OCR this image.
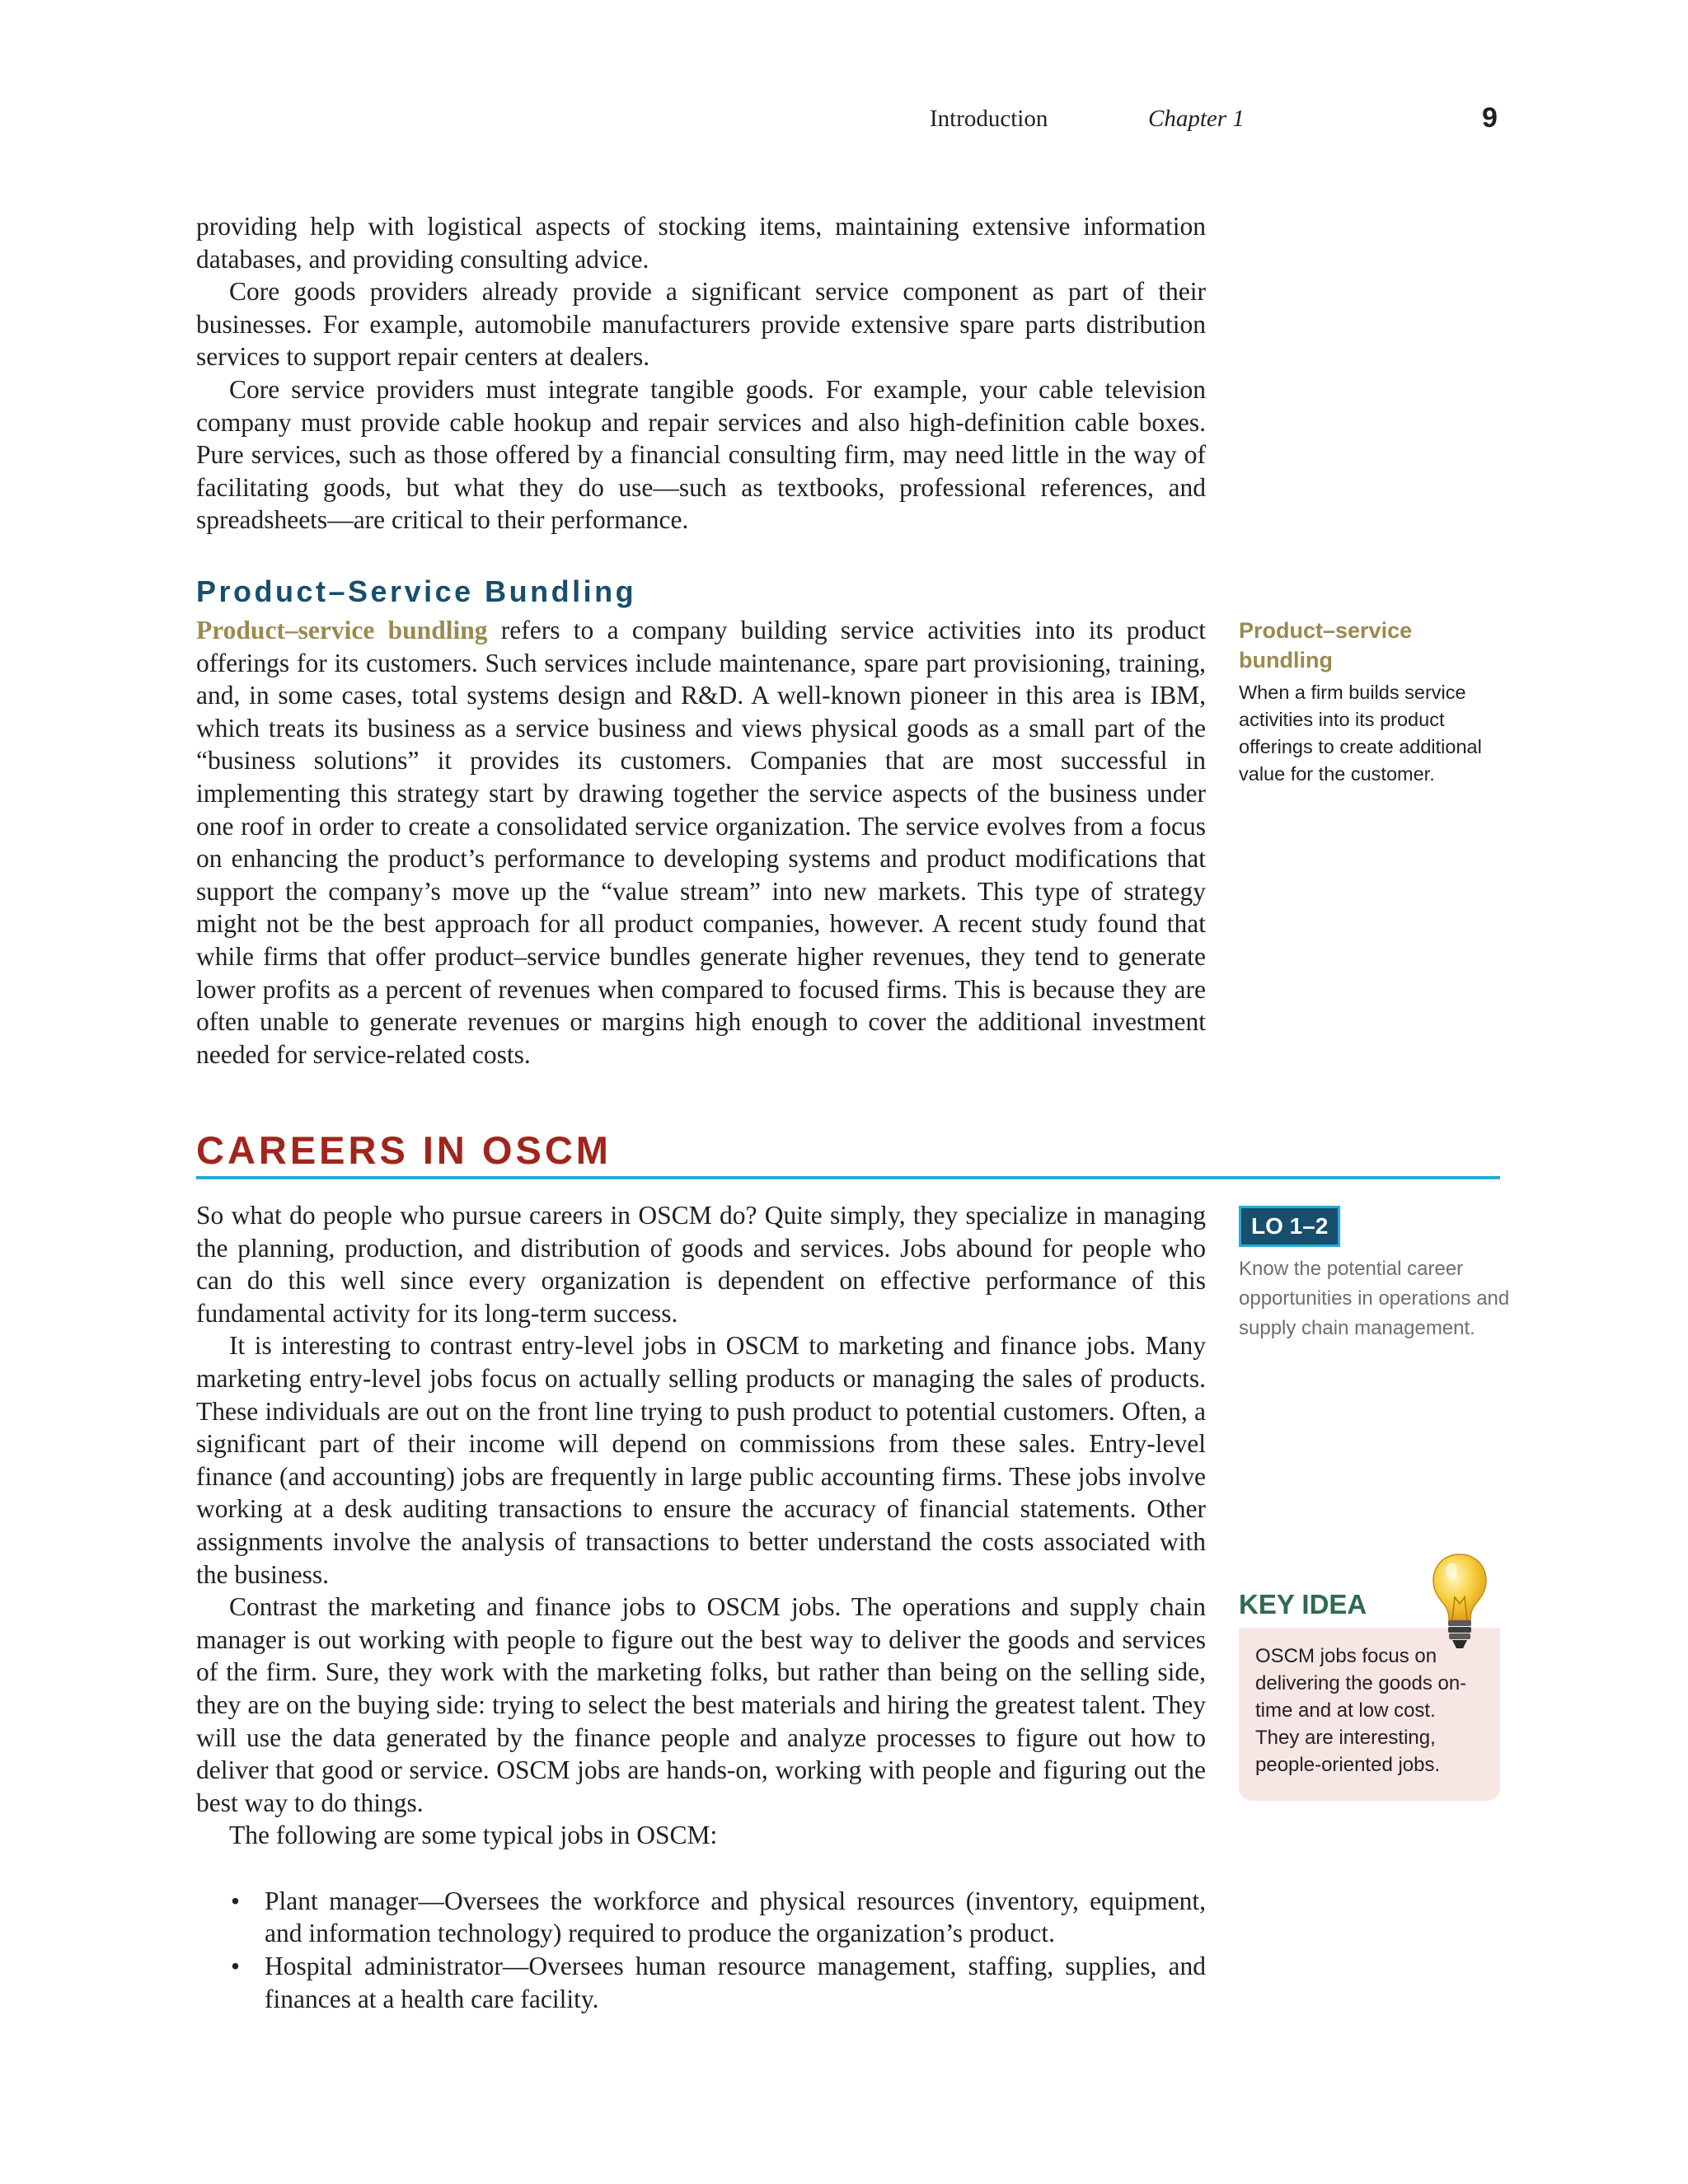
Introduction	Chapter 1	9

providing help with logistical aspects of stocking items, maintaining extensive information databases, and providing consulting advice.

Core goods providers already provide a significant service component as part of their businesses. For example, automobile manufacturers provide extensive spare parts distribution services to support repair centers at dealers.

Core service providers must integrate tangible goods. For example, your cable television company must provide cable hookup and repair services and also high-definition cable boxes. Pure services, such as those offered by a financial consulting firm, may need little in the way of facilitating goods, but what they do use—such as textbooks, professional references, and spreadsheets—are critical to their performance.

Product–Service Bundling

Product–service bundling refers to a company building service activities into its product offerings for its customers. Such services include maintenance, spare part provisioning, training, and, in some cases, total systems design and R&D. A well-known pioneer in this area is IBM, which treats its business as a service business and views physical goods as a small part of the “business solutions” it provides its customers. Companies that are most successful in implementing this strategy start by drawing together the service aspects of the business under one roof in order to create a consolidated service organization. The service evolves from a focus on enhancing the product’s performance to developing systems and product modifications that support the company’s move up the “value stream” into new markets. This type of strategy might not be the best approach for all product companies, however. A recent study found that while firms that offer product–service bundles generate higher revenues, they tend to generate lower profits as a percent of revenues when compared to focused firms. This is because they are often unable to generate revenues or margins high enough to cover the additional investment needed for service-related costs.

Product–service bundling
When a firm builds service activities into its product offerings to create additional value for the customer.
CAREERS IN OSCM

So what do people who pursue careers in OSCM do? Quite simply, they specialize in managing the planning, production, and distribution of goods and services. Jobs abound for people who can do this well since every organization is dependent on effective performance of this fundamental activity for its long-term success.

It is interesting to contrast entry-level jobs in OSCM to marketing and finance jobs. Many marketing entry-level jobs focus on actually selling products or managing the sales of products. These individuals are out on the front line trying to push product to potential customers. Often, a significant part of their income will depend on commissions from these sales. Entry-level finance (and accounting) jobs are frequently in large public accounting firms. These jobs involve working at a desk auditing transactions to ensure the accuracy of financial statements. Other assignments involve the analysis of transactions to better understand the costs associated with the business.

Contrast the marketing and finance jobs to OSCM jobs. The operations and supply chain manager is out working with people to figure out the best way to deliver the goods and services of the firm. Sure, they work with the marketing folks, but rather than being on the selling side, they are on the buying side: trying to select the best materials and hiring the greatest talent. They will use the data generated by the finance people and analyze processes to figure out how to deliver that good or service. OSCM jobs are hands-on, working with people and figuring out the best way to do things.

The following are some typical jobs in OSCM:

• Plant manager—Oversees the workforce and physical resources (inventory, equipment, and information technology) required to produce the organization’s product.
• Hospital administrator—Oversees human resource management, staffing, supplies, and finances at a health care facility.
LO 1–2
Know the potential career opportunities in operations and supply chain management.
KEY IDEA
OSCM jobs focus on delivering the goods on-time and at low cost. They are interesting, people-oriented jobs.
